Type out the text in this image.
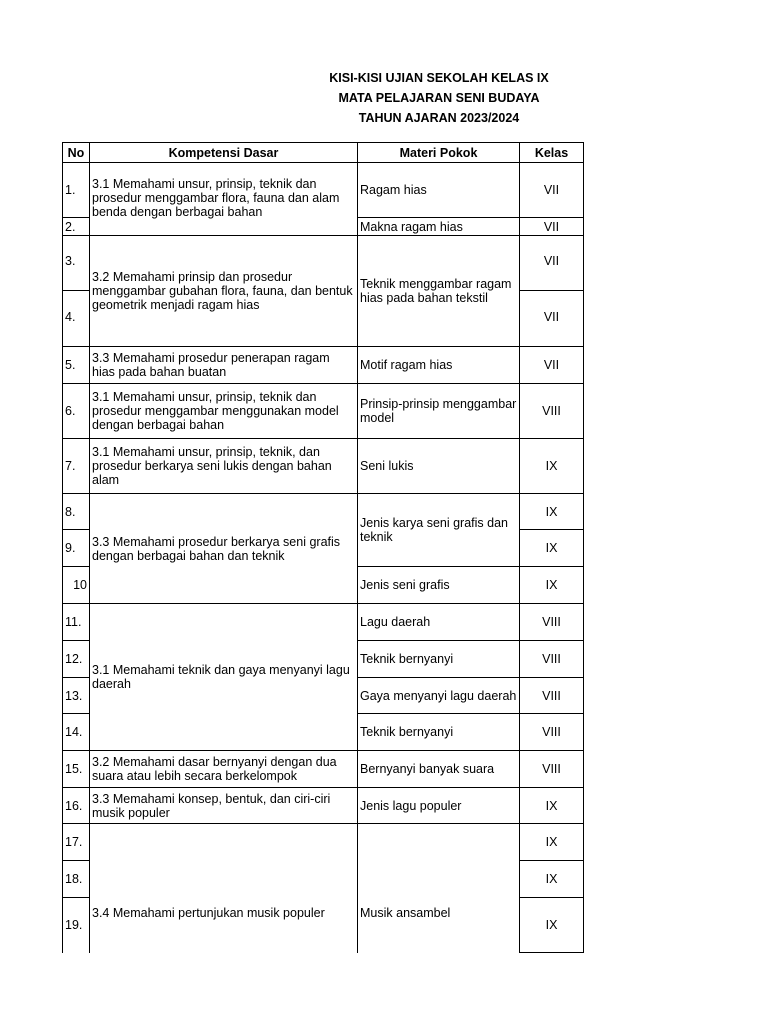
KISI-KISI UJIAN SEKOLAH KELAS IX
MATA PELAJARAN SENI BUDAYA
TAHUN AJARAN 2023/2024
No	Kompetensi Dasar	Materi Pokok	Kelas
1.	3.1 Memahami unsur, prinsip, teknik dan prosedur menggambar flora, fauna dan alam benda dengan berbagai bahan	Ragam hias	VII
2.		Makna ragam hias	VII
3.	3.2 Memahami prinsip dan prosedur menggambar gubahan flora, fauna, dan bentuk geometrik menjadi ragam hias	Teknik menggambar ragam hias pada bahan tekstil	VII
4.			VII
5.	3.3 Memahami prosedur penerapan ragam hias pada bahan buatan	Motif ragam hias	VII
6.	3.1 Memahami unsur, prinsip, teknik dan prosedur menggambar menggunakan model dengan berbagai bahan	Prinsip-prinsip menggambar model	VIII
7.	3.1 Memahami unsur, prinsip, teknik, dan prosedur berkarya seni lukis dengan bahan alam	Seni lukis	IX
8.	3.3 Memahami prosedur berkarya seni grafis dengan berbagai bahan dan teknik	Jenis karya seni grafis dan teknik	IX
9.			IX
10		Jenis seni grafis	IX
11.	3.1 Memahami teknik dan gaya menyanyi lagu daerah	Lagu daerah	VIII
12.		Teknik bernyanyi	VIII
13.		Gaya menyanyi lagu daerah	VIII
14.		Teknik bernyanyi	VIII
15.	3.2 Memahami dasar bernyanyi dengan dua suara atau lebih secara berkelompok	Bernyanyi banyak suara	VIII
16.	3.3 Memahami konsep, bentuk, dan ciri-ciri musik populer	Jenis lagu populer	IX
17.	3.4 Memahami pertunjukan musik populer	Musik ansambel	IX
18.			IX
19.			IX
